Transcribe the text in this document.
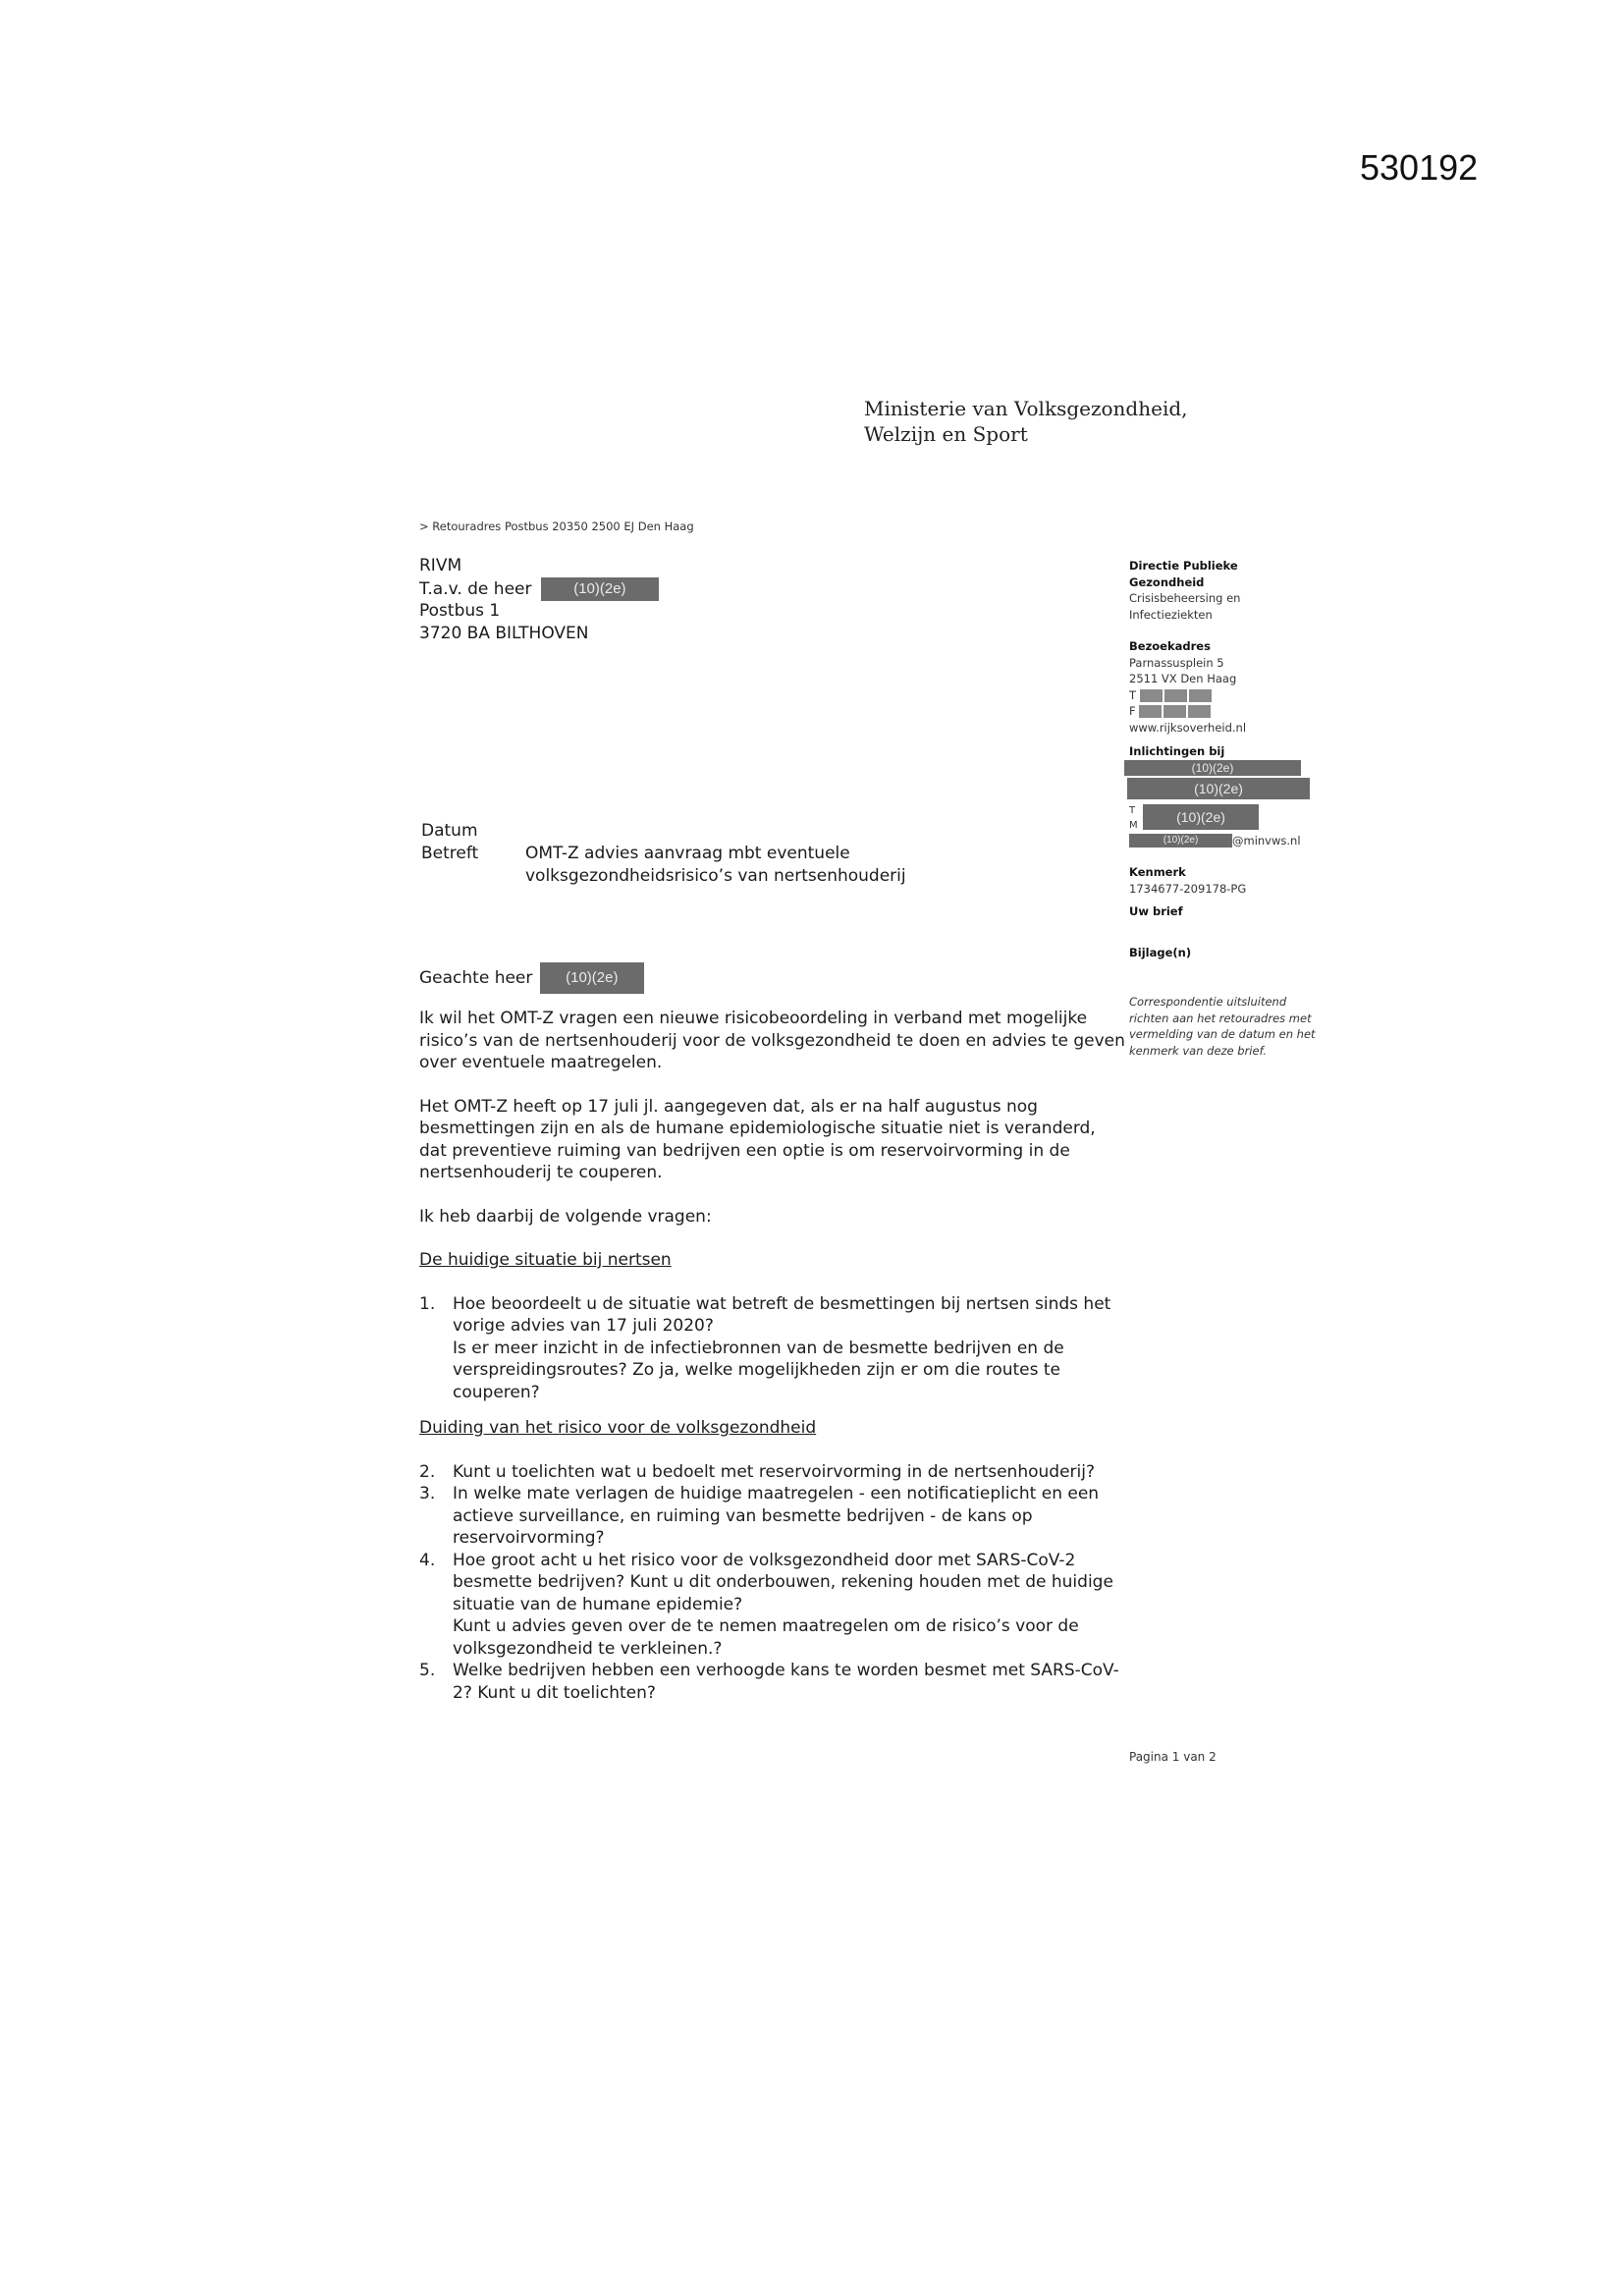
530192
Ministerie van Volksgezondheid,
Welzijn en Sport
> Retouradres Postbus 20350 2500 EJ Den Haag
RIVM
T.a.v. de heer	(10)(2e)
Postbus 1
3720 BA BILTHOVEN
Directie Publieke
Gezondheid
Crisisbeheersing en
Infectieziekten
Bezoekadres
Parnassusplein 5
2511 VX Den Haag
T
F
www.rijksoverheid.nl
Inlichtingen bij
(10)(2e)
(10)(2e)
T
M
(10)(2e)
(10)(2e)	@minvws.nl
Kenmerk
1734677-209178-PG
Uw brief
Bijlage(n)
Correspondentie uitsluitend richten aan het retouradres met vermelding van de datum en het kenmerk van deze brief.
Datum
Betreft	OMT-Z advies aanvraag mbt eventuele
volksgezondheidsrisico’s van nertsenhouderij

Geachte heer (10)(2e)

Ik wil het OMT-Z vragen een nieuwe risicobeoordeling in verband met mogelijke risico’s van de nertsenhouderij voor de volksgezondheid te doen en advies te geven over eventuele maatregelen.

Het OMT-Z heeft op 17 juli jl. aangegeven dat, als er na half augustus nog besmettingen zijn en als de humane epidemiologische situatie niet is veranderd, dat preventieve ruiming van bedrijven een optie is om reservoirvorming in de nertsenhouderij te couperen.

Ik heb daarbij de volgende vragen:

De huidige situatie bij nertsen

1. Hoe beoordeelt u de situatie wat betreft de besmettingen bij nertsen sinds het vorige advies van 17 juli 2020?
Is er meer inzicht in de infectiebronnen van de besmette bedrijven en de verspreidingsroutes? Zo ja, welke mogelijkheden zijn er om die routes te couperen?

Duiding van het risico voor de volksgezondheid

2. Kunt u toelichten wat u bedoelt met reservoirvorming in de nertsenhouderij?
3. In welke mate verlagen de huidige maatregelen - een notificatieplicht en een actieve surveillance, en ruiming van besmette bedrijven - de kans op reservoirvorming?
4. Hoe groot acht u het risico voor de volksgezondheid door met SARS-CoV-2 besmette bedrijven? Kunt u dit onderbouwen, rekening houden met de huidige situatie van de humane epidemie?
Kunt u advies geven over de te nemen maatregelen om de risico’s voor de volksgezondheid te verkleinen.?
5. Welke bedrijven hebben een verhoogde kans te worden besmet met SARS-CoV-2? Kunt u dit toelichten?
Pagina 1 van 2
